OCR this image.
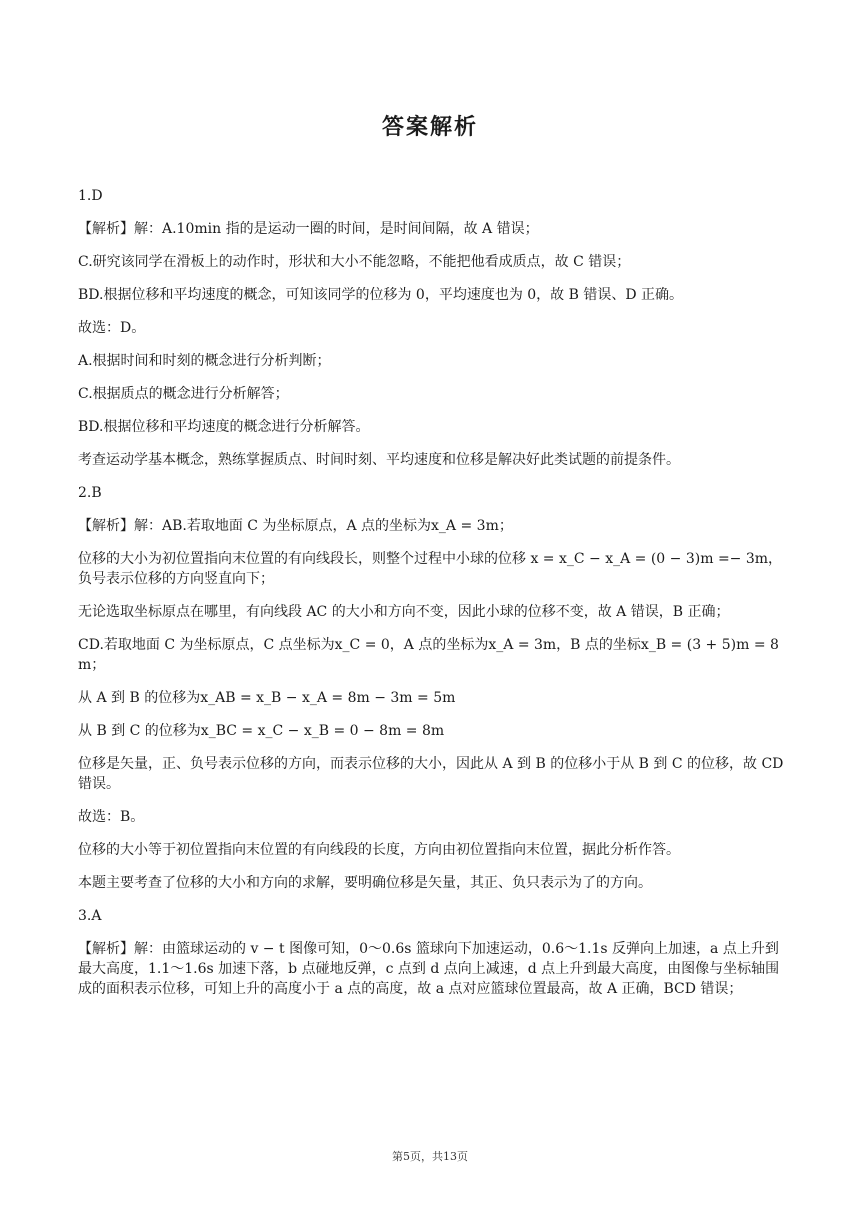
答案解析

1.D

【解析】解：A.10min 指的是运动一圈的时间，是时间间隔，故 A 错误；

C.研究该同学在滑板上的动作时，形状和大小不能忽略，不能把他看成质点，故 C 错误；

BD.根据位移和平均速度的概念，可知该同学的位移为 0，平均速度也为 0，故 B 错误、D 正确。

故选：D。

A.根据时间和时刻的概念进行分析判断；

C.根据质点的概念进行分析解答；

BD.根据位移和平均速度的概念进行分析解答。

考查运动学基本概念，熟练掌握质点、时间时刻、平均速度和位移是解决好此类试题的前提条件。

2.B

【解析】解：AB.若取地面 C 为坐标原点，A 点的坐标为x_A = 3m；

位移的大小为初位置指向末位置的有向线段长，则整个过程中小球的位移 x = x_C − x_A = (0 − 3)m =− 3m，负号表示位移的方向竖直向下；

无论选取坐标原点在哪里，有向线段 AC 的大小和方向不变，因此小球的位移不变，故 A 错误，B 正确；

CD.若取地面 C 为坐标原点，C 点坐标为x_C = 0，A 点的坐标为x_A = 3m，B 点的坐标x_B = (3 + 5)m = 8m；

从 A 到 B 的位移为x_AB = x_B − x_A = 8m − 3m = 5m

从 B 到 C 的位移为x_BC = x_C − x_B = 0 − 8m = 8m

位移是矢量，正、负号表示位移的方向，而表示位移的大小，因此从 A 到 B 的位移小于从 B 到 C 的位移，故 CD 错误。

故选：B。

位移的大小等于初位置指向末位置的有向线段的长度，方向由初位置指向末位置，据此分析作答。

本题主要考查了位移的大小和方向的求解，要明确位移是矢量，其正、负只表示为了的方向。

3.A

【解析】解：由篮球运动的 v − t 图像可知，0～0.6s 篮球向下加速运动，0.6～1.1s 反弹向上加速，a 点上升到最大高度，1.1～1.6s 加速下落，b 点碰地反弹，c 点到 d 点向上减速，d 点上升到最大高度，由图像与坐标轴围成的面积表示位移，可知上升的高度小于 a 点的高度，故 a 点对应篮球位置最高，故 A 正确，BCD 错误；

第5页，共13页
